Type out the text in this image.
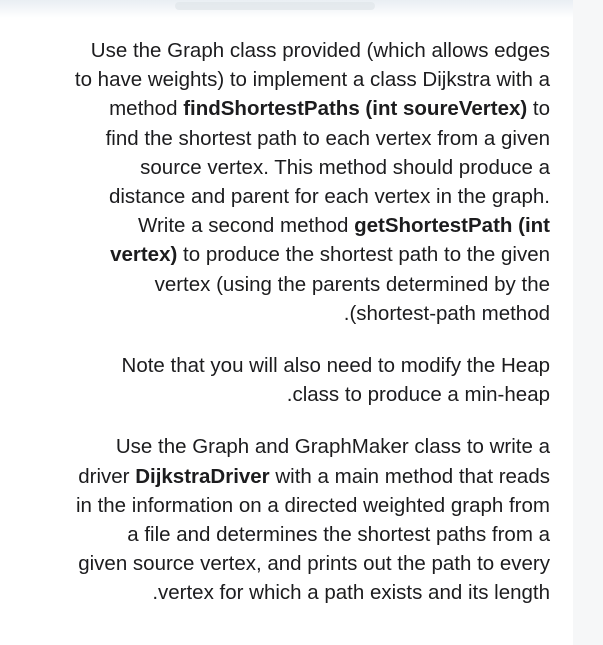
Use the Graph class provided (which allows edges
to have weights) to implement a class Dijkstra with a
method findShortestPaths (int soureVertex) to
find the shortest path to each vertex from a given
source vertex. This method should produce a
distance and parent for each vertex in the graph.
Write a second method getShortestPath (int
vertex) to produce the shortest path to the given
vertex (using the parents determined by the
.(shortest-path method

Note that you will also need to modify the Heap
.class to produce a min-heap

Use the Graph and GraphMaker class to write a
driver DijkstraDriver with a main method that reads
in the information on a directed weighted graph from
a file and determines the shortest paths from a
given source vertex, and prints out the path to every
.vertex for which a path exists and its length
